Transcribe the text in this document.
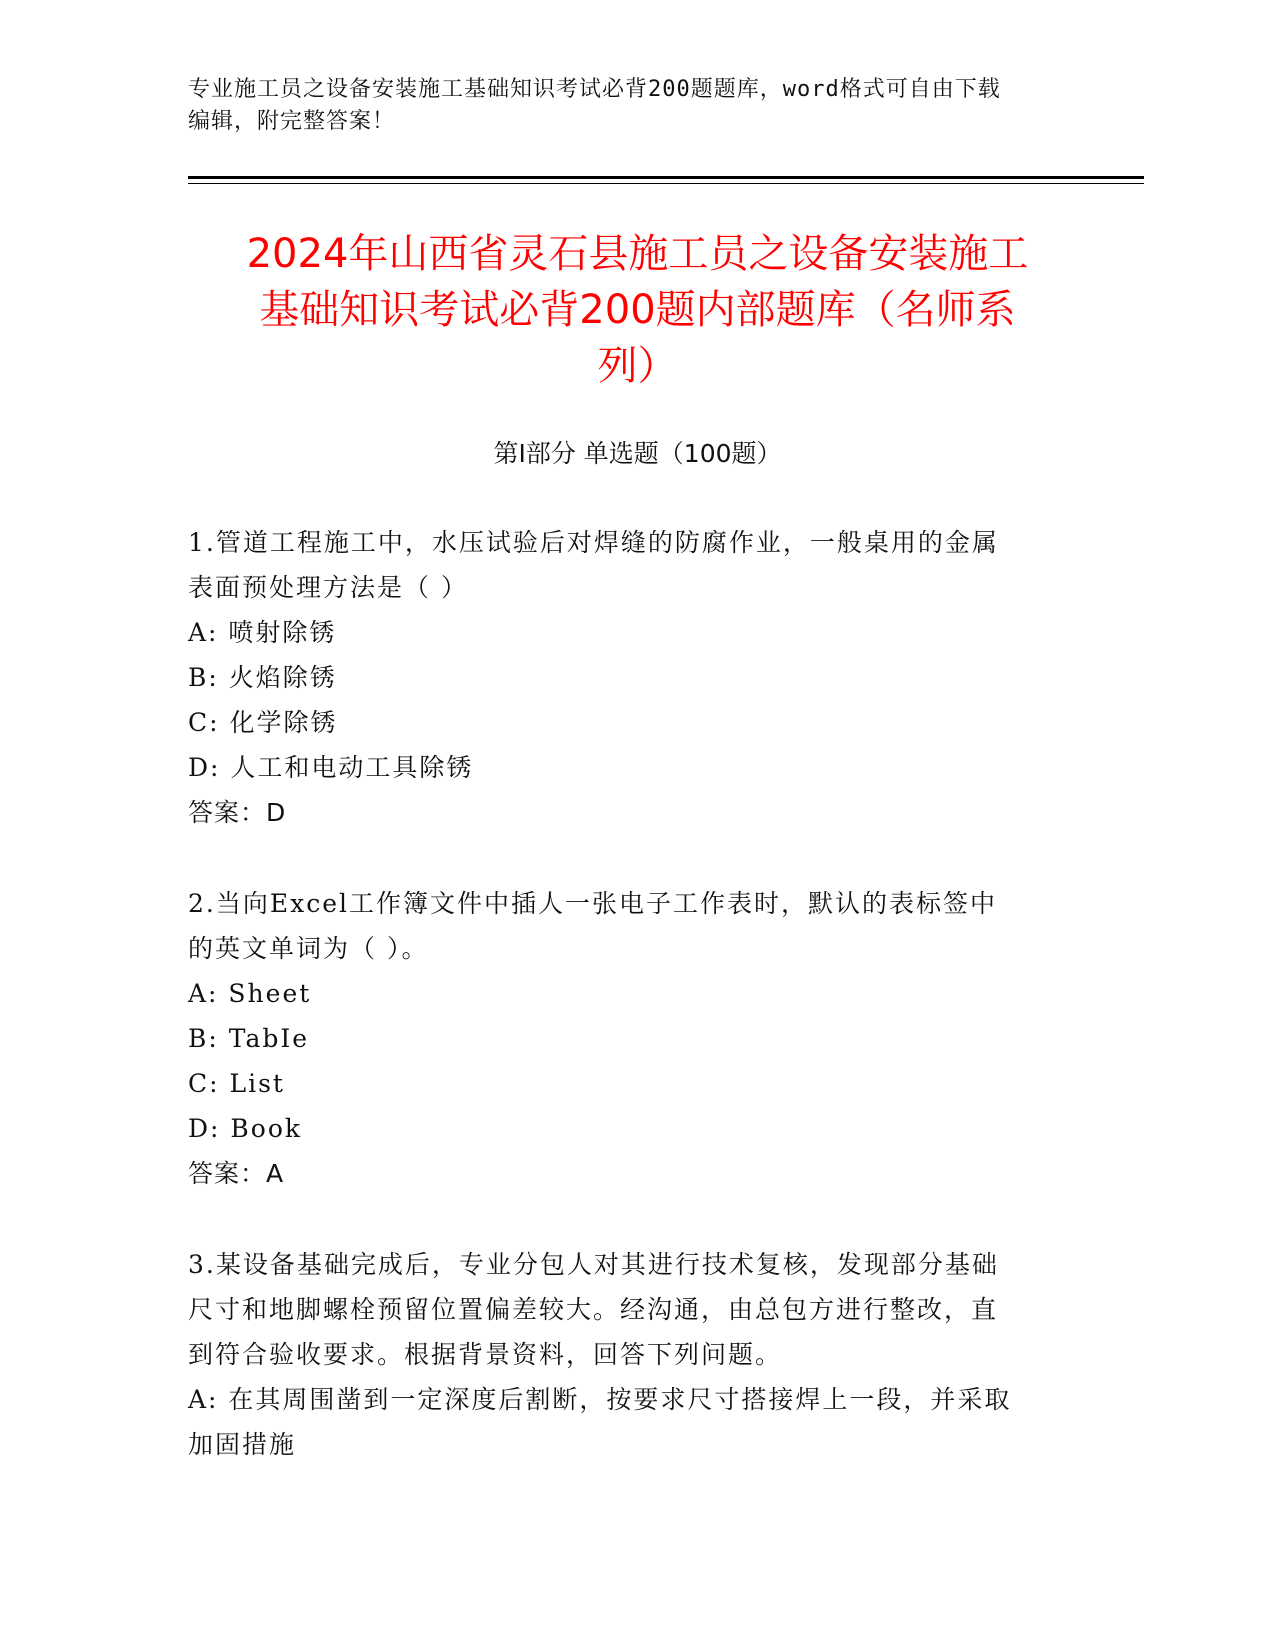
专业施工员之设备安装施工基础知识考试必背200题题库，word格式可自由下载
编辑，附完整答案！
2024年山西省灵石县施工员之设备安装施工
基础知识考试必背200题内部题库（名师系
列）
第I部分 单选题（100题）
1.管道工程施工中，水压试验后对焊缝的防腐作业，一般桌用的金属
表面预处理方法是（ ）
A: 喷射除锈
B: 火焰除锈
C: 化学除锈
D: 人工和电动工具除锈
答案：D
2.当向Excel工作簿文件中插人一张电子工作表时，默认的表标签中
的英文单词为（ ）。
A: Sheet
B: TabIe
C: List
D: Book
答案：A
3.某设备基础完成后，专业分包人对其进行技术复核，发现部分基础
尺寸和地脚螺栓预留位置偏差较大。经沟通，由总包方进行整改，直
到符合验收要求。根据背景资料，回答下列问题。
A: 在其周围凿到一定深度后割断，按要求尺寸搭接焊上一段，并采取
加固措施
